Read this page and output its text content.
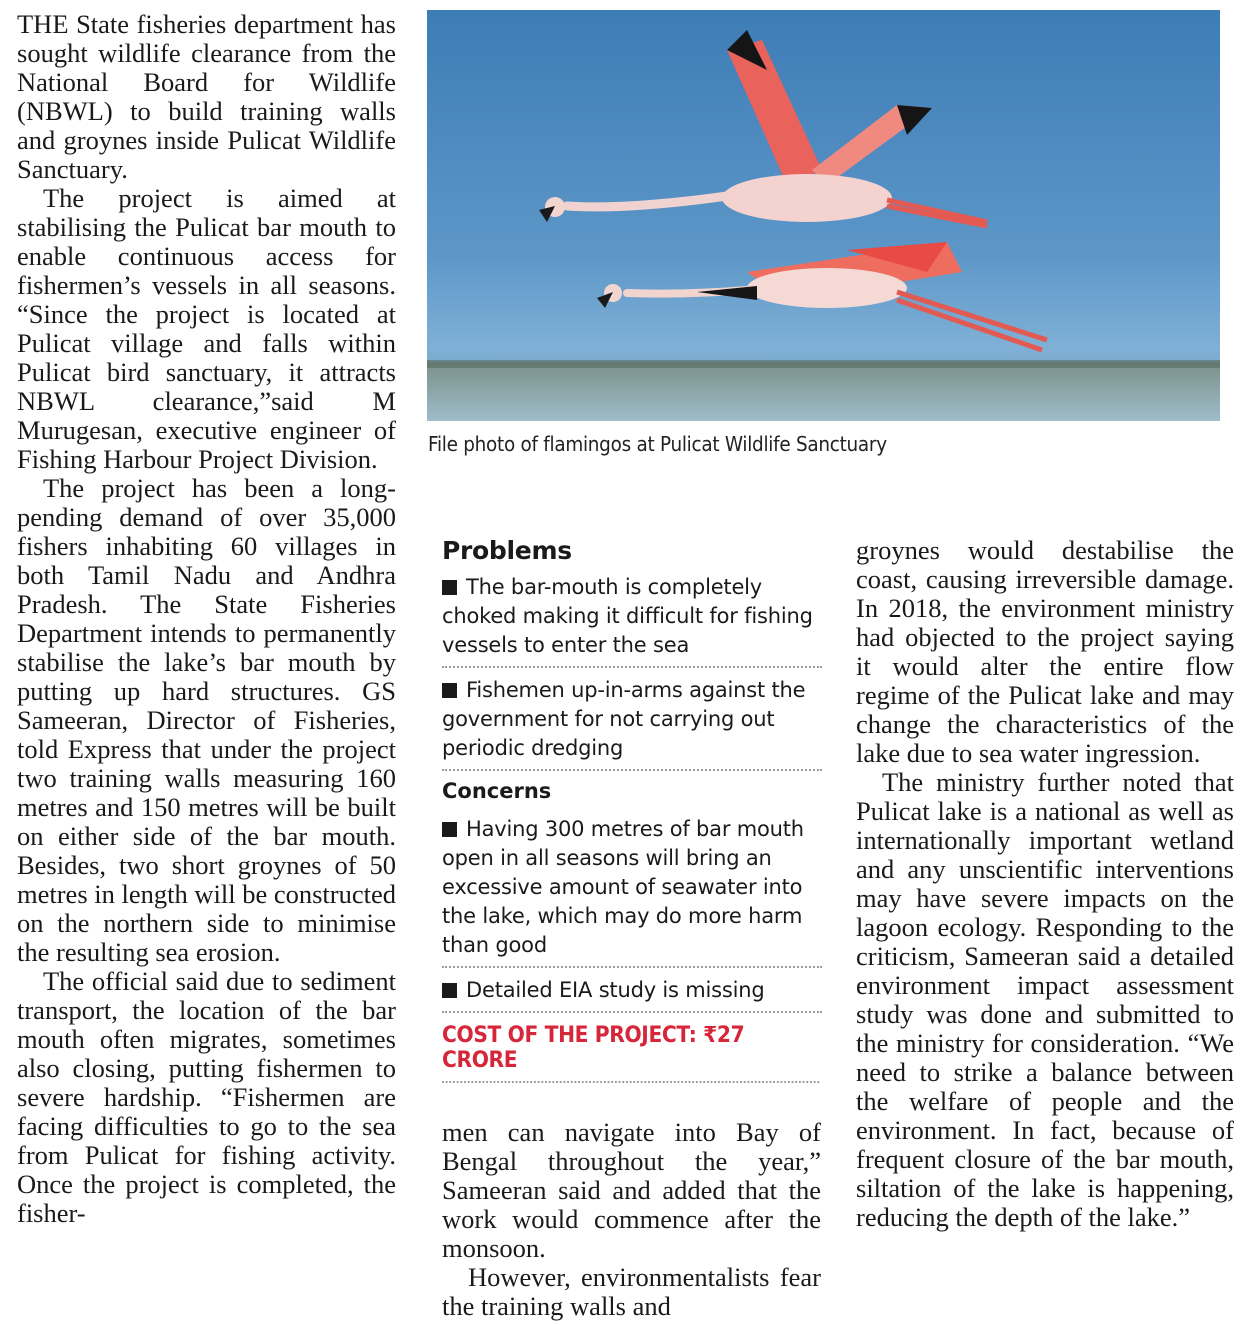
THE State fisheries department has sought wildlife clearance from the National Board for Wildlife (NBWL) to build training walls and groynes inside Pulicat Wildlife Sanctuary.

The project is aimed at stabilising the Pulicat bar mouth to enable continuous access for fishermen’s vessels in all seasons. “Since the project is located at Pulicat village and falls within Pulicat bird sanctuary, it attracts NBWL clearance,”said M Murugesan, executive engineer of Fishing Harbour Project Division.

The project has been a long-pending demand of over 35,000 fishers inhabiting 60 villages in both Tamil Nadu and Andhra Pradesh. The State Fisheries Department intends to permanently stabilise the lake’s bar mouth by putting up hard structures. GS Sameeran, Director of Fisheries, told Express that under the project two training walls measuring 160 metres and 150 metres will be built on either side of the bar mouth. Besides, two short groynes of 50 metres in length will be constructed on the northern side to minimise the resulting sea erosion.

The official said due to sediment transport, the location of the bar mouth often migrates, sometimes also closing, putting fishermen to severe hardship. “Fishermen are facing difficulties to go to the sea from Pulicat for fishing activity. Once the project is completed, the fisher-

File photo of flamingos at Pulicat Wildlife Sanctuary
Problems
The bar-mouth is completely choked making it difficult for fishing vessels to enter the sea
Fishemen up-in-arms against the government for not carrying out periodic dredging
Concerns
Having 300 metres of bar mouth open in all seasons will bring an excessive amount of seawater into the lake, which may do more harm than good
Detailed EIA study is missing
COST OF THE PROJECT: ₹27 CRORE

men can navigate into Bay of Bengal throughout the year,” Sameeran said and added that the work would commence after the monsoon.

However, environmentalists fear the training walls and

groynes would destabilise the coast, causing irreversible damage. In 2018, the environment ministry had objected to the project saying it would alter the entire flow regime of the Pulicat lake and may change the characteristics of the lake due to sea water ingression.

The ministry further noted that Pulicat lake is a national as well as internationally important wetland and any unscientific interventions may have severe impacts on the lagoon ecology. Responding to the criticism, Sameeran said a detailed environment impact assessment study was done and submitted to the ministry for consideration. “We need to strike a balance between the welfare of people and the environment. In fact, because of frequent closure of the bar mouth, siltation of the lake is happening, reducing the depth of the lake.”
